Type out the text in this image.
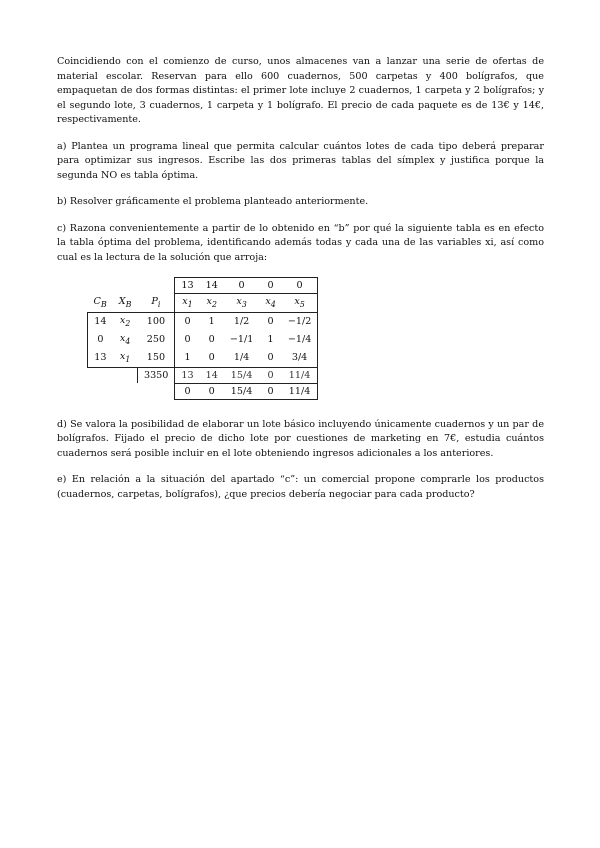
Coincidiendo con el comienzo de curso, unos almacenes van a lanzar una serie de ofertas de material escolar. Reservan para ello 600 cuadernos, 500 carpetas y 400 bolígrafos, que empaquetan de dos formas distintas: el primer lote incluye 2 cuadernos, 1 carpeta y 2 bolígrafos; y el segundo lote, 3 cuadernos, 1 carpeta y 1 bolígrafo. El precio de cada paquete es de 13€ y 14€, respectivamente.

a) Plantea un programa lineal que permita calcular cuántos lotes de cada tipo deberá preparar para optimizar sus ingresos. Escribe las dos primeras tablas del símplex y justifica porque la segunda NO es tabla óptima.

b) Resolver gráficamente el problema planteado anteriormente.

c) Razona convenientemente a partir de lo obtenido en “b” por qué la siguiente tabla es en efecto la tabla óptima del problema, identificando además todas y cada una de las variables xi, así como cual es la lectura de la solución que arroja:

			13	14	0	0	0
$C_B$	$X_B$	$P_i$	$x_1$	$x_2$	$x_3$	$x_4$	$x_5$
14	$x_2$	100	0	1	1/2	0	−1/2
0	$x_4$	250	0	0	−1/1	1	−1/4
13	$x_1$	150	1	0	1/4	0	3/4
		3350	13	14	15/4	0	11/4
			0	0	15/4	0	11/4

d) Se valora la posibilidad de elaborar un lote básico incluyendo únicamente cuadernos y un par de bolígrafos. Fijado el precio de dicho lote por cuestiones de marketing en 7€, estudia cuántos cuadernos será posible incluir en el lote obteniendo ingresos adicionales a los anteriores.

e) En relación a la situación del apartado “c”: un comercial propone comprarle los productos (cuadernos, carpetas, bolígrafos), ¿que precios debería negociar para cada producto?
